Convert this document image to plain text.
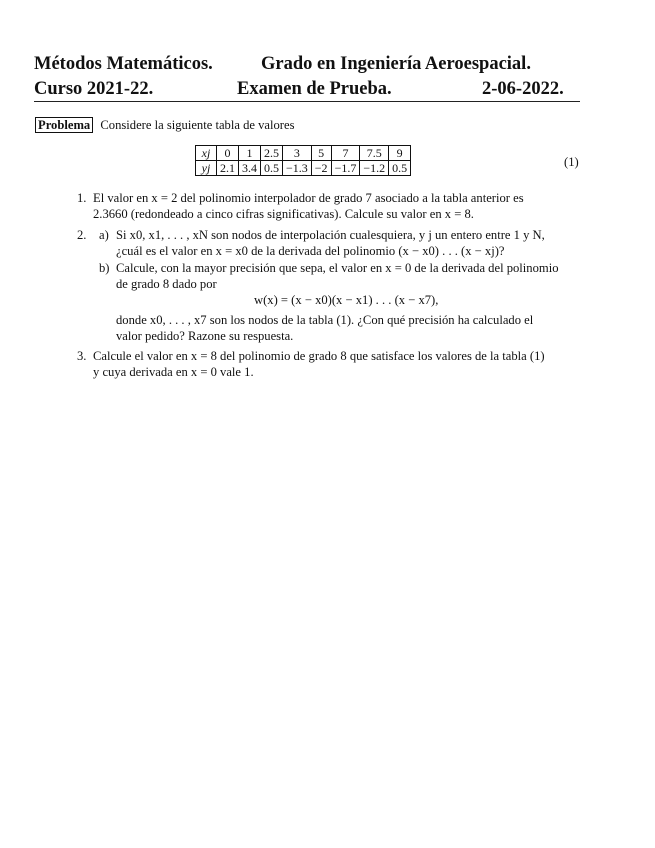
Métodos Matemáticos.	Grado en Ingeniería Aeroespacial.
Curso 2021-22.	Examen de Prueba.	2-06-2022.
Problema Considere la siguiente tabla de valores
xj	0	1	2.5	3	5	7	7.5	9
yj	2.1	3.4	0.5	−1.3	−2	−1.7	−1.2	0.5	(1)
1. El valor en x = 2 del polinomio interpolador de grado 7 asociado a la tabla anterior es
2.3660 (redondeado a cinco cifras significativas). Calcule su valor en x = 8.
2. a) Si x0, x1, . . . , xN son nodos de interpolación cualesquiera, y j un entero entre 1 y N,
¿cuál es el valor en x = x0 de la derivada del polinomio (x − x0) . . . (x − xj)?
b) Calcule, con la mayor precisión que sepa, el valor en x = 0 de la derivada del polinomio
de grado 8 dado por
w(x) = (x − x0)(x − x1) . . . (x − x7),
donde x0, . . . , x7 son los nodos de la tabla (1). ¿Con qué precisión ha calculado el
valor pedido? Razone su respuesta.
3. Calcule el valor en x = 8 del polinomio de grado 8 que satisface los valores de la tabla (1)
y cuya derivada en x = 0 vale 1.
